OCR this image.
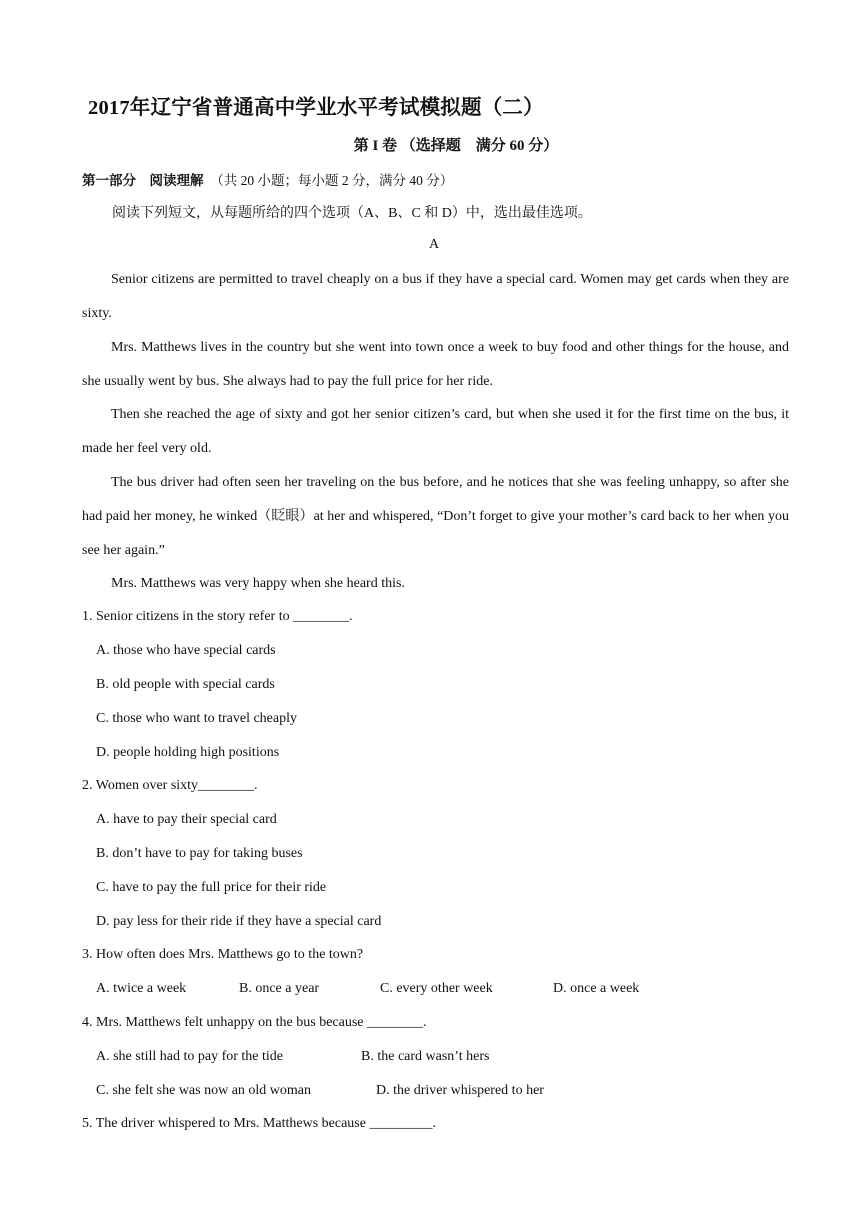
2017年辽宁省普通高中学业水平考试模拟题（二）
第 I 卷 （选择题　满分 60 分）
第一部分　阅读理解 （共 20 小题；每小题 2 分，满分 40 分）
阅读下列短文，从每题所给的四个选项（A、B、C 和 D）中，选出最佳选项。
A

Senior citizens are permitted to travel cheaply on a bus if they have a special card. Women may get cards when they are sixty.

Mrs. Matthews lives in the country but she went into town once a week to buy food and other things for the house, and she usually went by bus. She always had to pay the full price for her ride.

Then she reached the age of sixty and got her senior citizen’s card, but when she used it for the first time on the bus, it made her feel very old.

The bus driver had often seen her traveling on the bus before, and he notices that she was feeling unhappy, so after she had paid her money, he winked（眨眼）at her and whispered, “Don’t forget to give your mother’s card back to her when you see her again.”

Mrs. Matthews was very happy when she heard this.

1. Senior citizens in the story refer to ________.
A. those who have special cards
B. old people with special cards
C. those who want to travel cheaply
D. people holding high positions
2. Women over sixty________.
A. have to pay their special card
B. don’t have to pay for taking buses
C. have to pay the full price for their ride
D. pay less for their ride if they have a special card
3. How often does Mrs. Matthews go to the town?
A. twice a week	B. once a year	C. every other week	D. once a week
4. Mrs. Matthews felt unhappy on the bus because ________.
A. she still had to pay for the tide	B. the card wasn’t hers
C. she felt she was now an old woman	D. the driver whispered to her
5. The driver whispered to Mrs. Matthews because _________.
